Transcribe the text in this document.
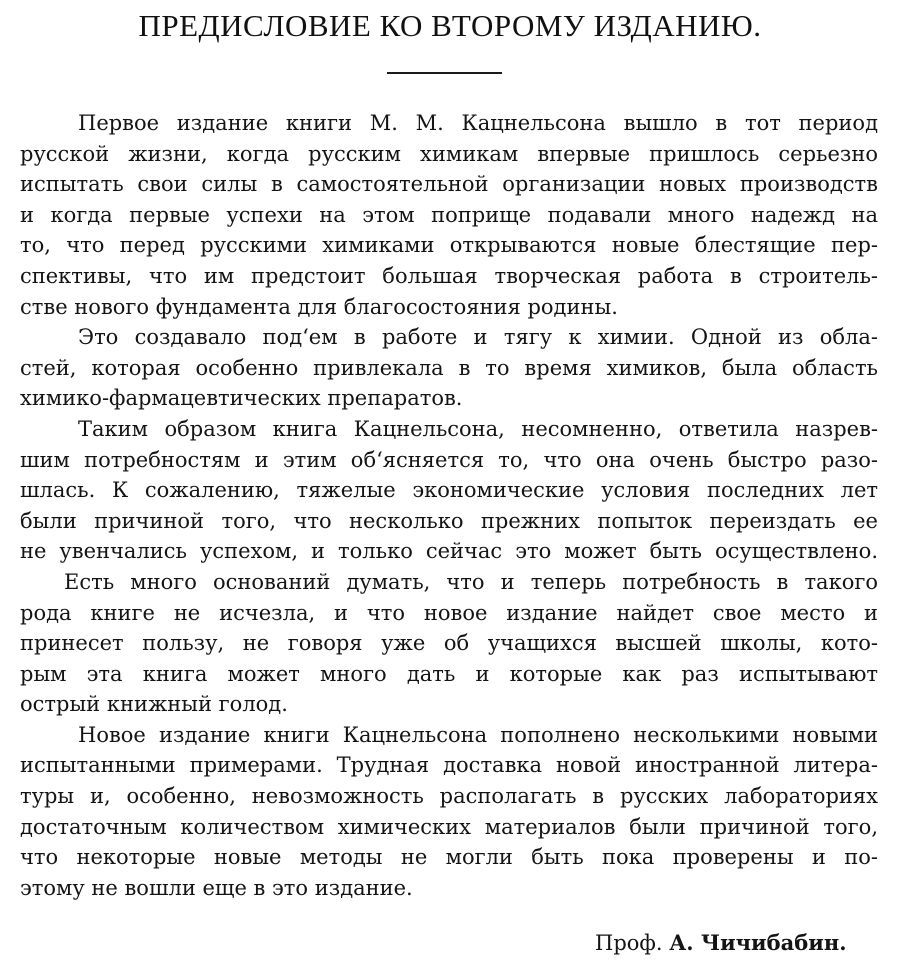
ПРЕДИСЛОВИЕ КО ВТОРОМУ ИЗДАНИЮ.
Первое издание книги М. М. Кацнельсона вышло в тот период
русской жизни, когда русским химикам впервые пришлось серьезно
испытать свои силы в самостоятельной организации новых производств
и когда первые успехи на этом поприще подавали много надежд на
то, что перед русскими химиками открываются новые блестящие пер-
спективы, что им предстоит большая творческая работа в строитель-
стве нового фундамента для благосостояния родины.
Это создавало под‘ем в работе и тягу к химии. Одной из обла-
стей, которая особенно привлекала в то время химиков, была область
химико-фармацевтических препаратов.
Таким образом книга Кацнельсона, несомненно, ответила назрев-
шим потребностям и этим об‘ясняется то, что она очень быстро разо-
шлась. К сожалению, тяжелые экономические условия последних лет
были причиной того, что несколько прежних попыток переиздать ее
не увенчались успехом, и только сейчас это может быть осуществлено.
Есть много оснований думать, что и теперь потребность в такого
рода книге не исчезла, и что новое издание найдет свое место и
принесет пользу, не говоря уже об учащихся высшей школы, кото-
рым эта книга может много дать и которые как раз испытывают
острый книжный голод.
Новое издание книги Кацнельсона пополнено несколькими новыми
испытанными примерами. Трудная доставка новой иностранной литера-
туры и, особенно, невозможность располагать в русских лабораториях
достаточным количеством химических материалов были причиной того,
что некоторые новые методы не могли быть пока проверены и по-
этому не вошли еще в это издание.
Проф. А. Чичибабин.
